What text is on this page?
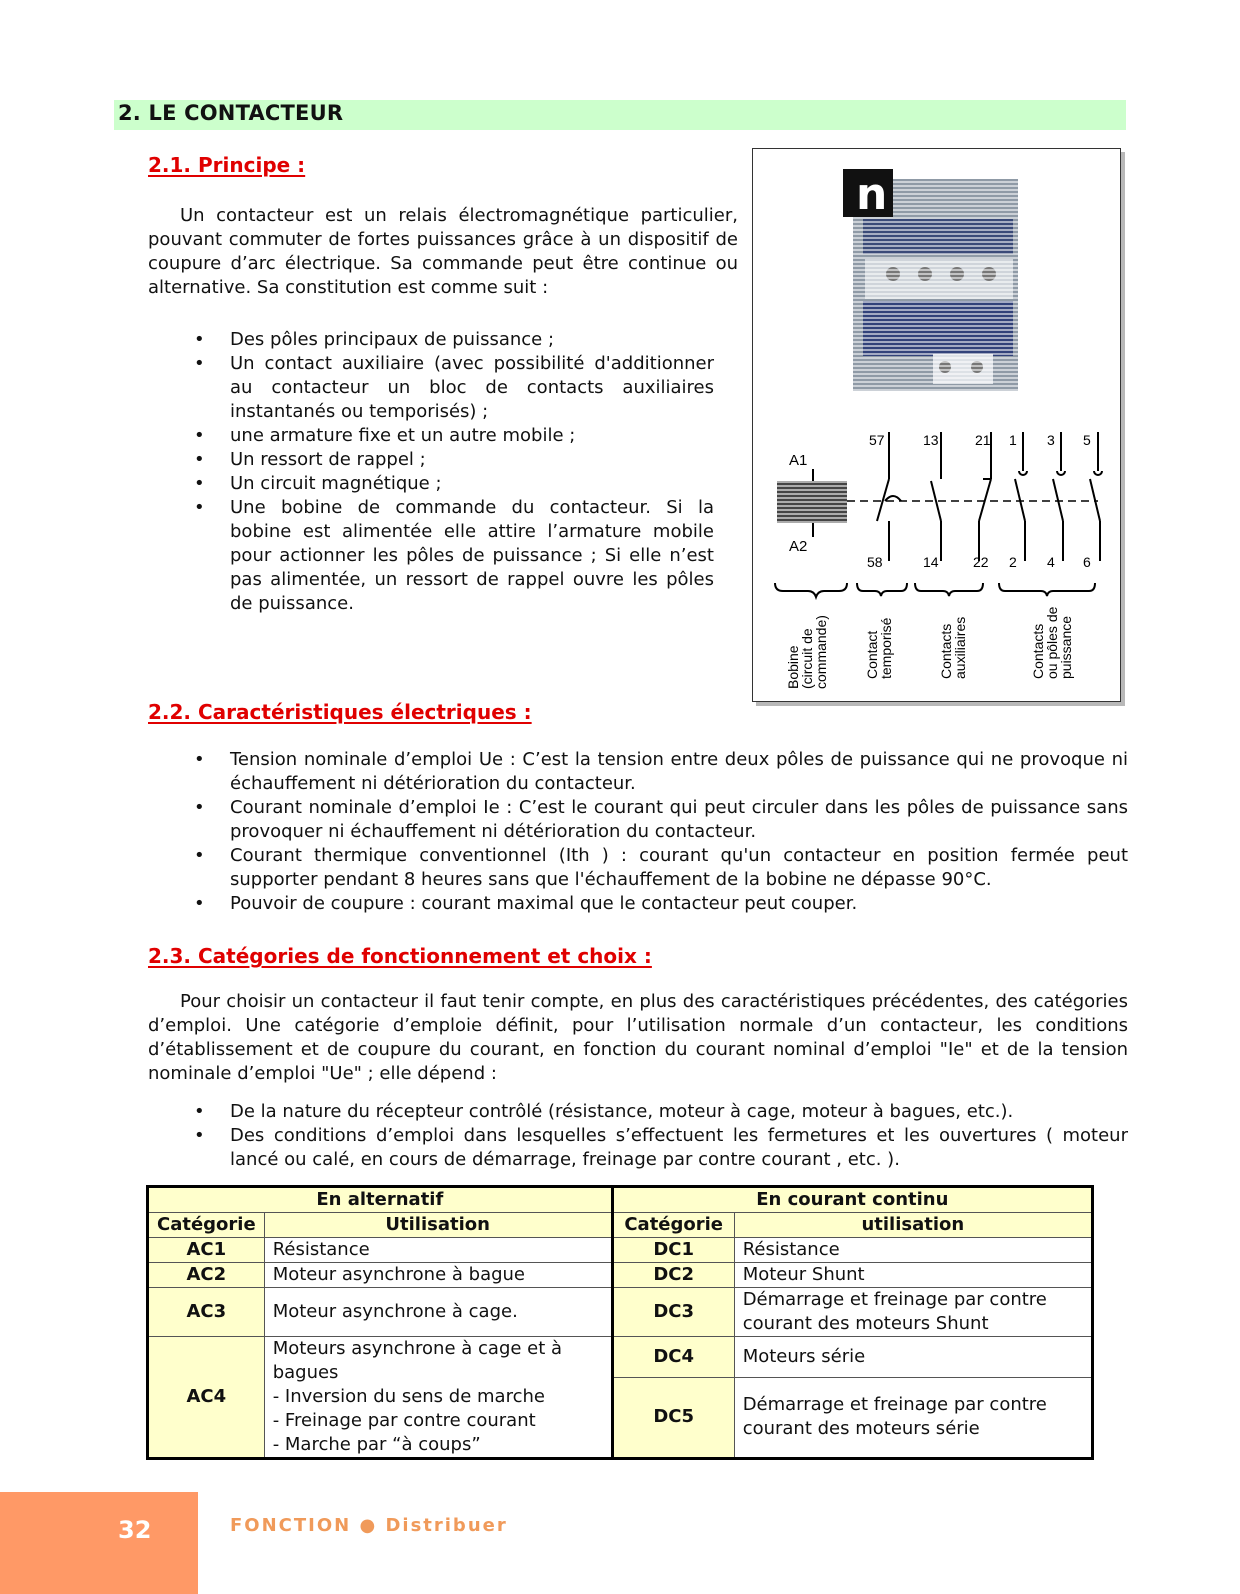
2. LE CONTACTEUR
2.1. Principe :

Un contacteur est un relais électromagnétique particulier, pouvant commuter de fortes puissances grâce à un dispositif de coupure d’arc électrique. Sa commande peut être continue ou alternative. Sa constitution est comme suit :

• Des pôles principaux de puissance ;
• Un contact auxiliaire (avec possibilité d'additionner au contacteur un bloc de contacts auxiliaires instantanés ou temporisés) ;
• une armature fixe et un autre mobile ;
• Un ressort de rappel ;
• Un circuit magnétique ;
• Une bobine de commande du contacteur. Si la bobine est alimentée elle attire l’armature mobile pour actionner les pôles de puissance ; Si elle n’est pas alimentée, un ressort de rappel ouvre les pôles de puissance.
n
A1
A2
57	13	21 1 3 5
58	14 22 2 4 6
Bobine (circuit de commande)	Contact temporisé	Contacts auxiliaires	Contacts ou pôles de puissance
2.2. Caractéristiques électriques :
• Tension nominale d’emploi Ue : C’est la tension entre deux pôles de puissance qui ne provoque ni échauffement ni détérioration du contacteur.
• Courant nominale d’emploi Ie : C’est le courant qui peut circuler dans les pôles de puissance sans provoquer ni échauffement ni détérioration du contacteur.
• Courant thermique conventionnel (Ith ) : courant qu'un contacteur en position fermée peut supporter pendant 8 heures sans que l'échauffement de la bobine ne dépasse 90°C.
• Pouvoir de coupure : courant maximal que le contacteur peut couper.
2.3. Catégories de fonctionnement et choix :

Pour choisir un contacteur il faut tenir compte, en plus des caractéristiques précédentes, des catégories d’emploi. Une catégorie d’emploie définit, pour l’utilisation normale d’un contacteur, les conditions d’établissement et de coupure du courant, en fonction du courant nominal d’emploi "Ie" et de la tension nominale d’emploi "Ue" ; elle dépend :

• De la nature du récepteur contrôlé (résistance, moteur à cage, moteur à bagues, etc.).
• Des conditions d’emploi dans lesquelles s’effectuent les fermetures et les ouvertures ( moteur lancé ou calé, en cours de démarrage, freinage par contre courant , etc. ).
En alternatif		En courant continu	
Catégorie	Utilisation	Catégorie	utilisation
AC1	Résistance	DC1	Résistance
AC2	Moteur asynchrone à bague	DC2	Moteur Shunt
AC3	Moteur asynchrone à cage.	DC3	Démarrage et freinage par contre courant des moteurs Shunt
AC4	Moteurs asynchrone à cage et à bagues
- Inversion du sens de marche
- Freinage par contre courant
- Marche par “à coups”	DC4	Moteurs série
		DC5	Démarrage et freinage par contre courant des moteurs série
32	FONCTION ● Distribuer
